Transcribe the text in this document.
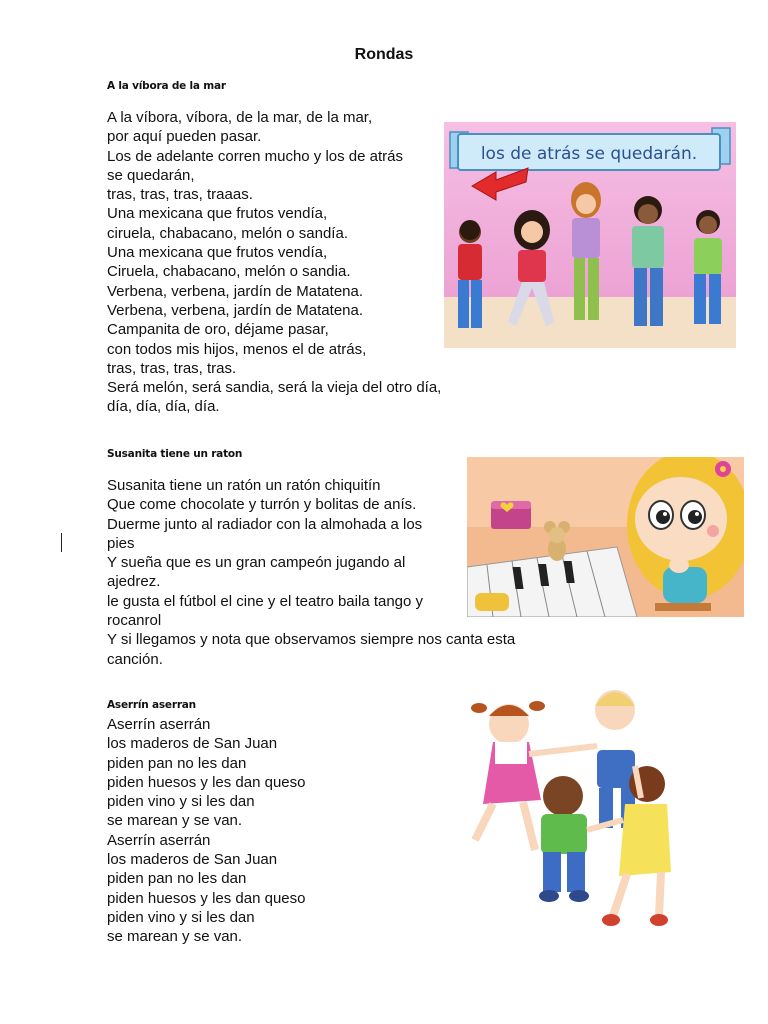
Rondas
A la víbora de la mar
A la víbora, víbora, de la mar, de la mar,
por aquí pueden pasar.
Los de adelante corren mucho y los de atrás
se quedarán,
tras, tras, tras, traaas.
Una mexicana que frutos vendía,
ciruela, chabacano, melón o sandía.
Una mexicana que frutos vendía,
Ciruela, chabacano, melón o sandia.
Verbena, verbena, jardín de Matatena.
Verbena, verbena, jardín de Matatena.
Campanita de oro, déjame pasar,
con todos mis hijos, menos el de atrás,
tras, tras, tras, tras.
Será melón, será sandia, será la vieja del otro día,
día, día, día, día.
los de atrás se quedarán.
Susanita tiene un raton
Susanita tiene un ratón un ratón chiquitín
Que come chocolate y turrón y bolitas de anís.
Duerme junto al radiador con la almohada a los
pies
Y sueña que es un gran campeón jugando al
ajedrez.
le gusta el fútbol el cine y el teatro baila tango y
rocanrol
Y si llegamos y nota que observamos siempre nos canta esta
canción.
Aserrín aserran
Aserrín aserrán
los maderos de San Juan
piden pan no les dan
piden huesos y les dan queso
piden vino y si les dan
se marean y se van.
Aserrín aserrán
los maderos de San Juan
piden pan no les dan
piden huesos y les dan queso
piden vino y si les dan
se marean y se van.
